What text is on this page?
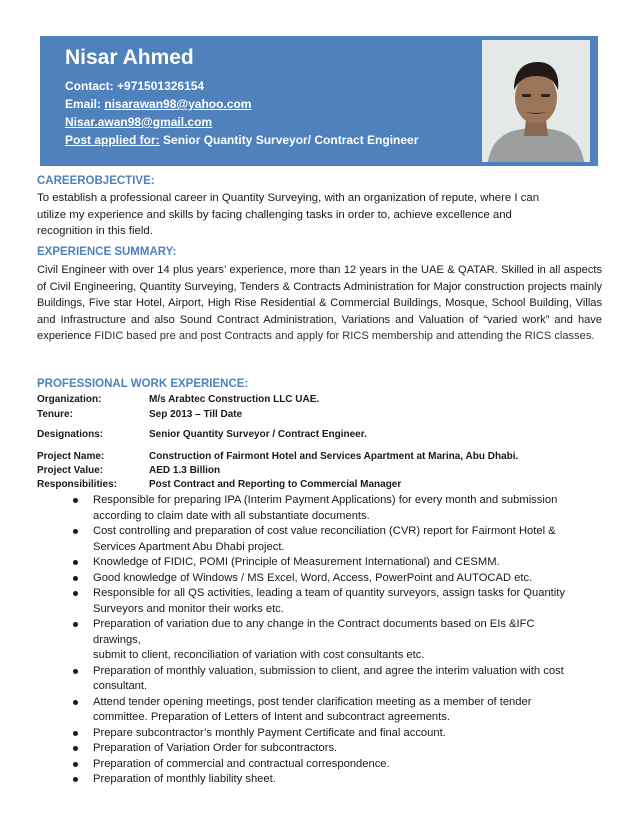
Nisar Ahmed
Contact: +971501326154
Email: nisarawan98@yahoo.com
Nisar.awan98@gmail.com
Post applied for: Senior Quantity Surveyor/ Contract Engineer
CAREEROBJECTIVE:
To establish a professional career in Quantity Surveying, with an organization of repute, where I can
utilize my experience and skills by facing challenging tasks in order to, achieve excellence and
recognition in this field.
EXPERIENCE SUMMARY:
Civil Engineer with over 14 plus years’ experience, more than 12 years in the UAE & QATAR. Skilled in all aspects of Civil Engineering, Quantity Surveying, Tenders & Contracts Administration for Major construction projects mainly Buildings, Five star Hotel, Airport, High Rise Residential & Commercial Buildings, Mosque, School Building, Villas and Infrastructure and also Sound Contract Administration, Variations and Valuation of “varied work” and have experience FIDIC based pre and post Contracts and apply for RICS membership and attending the RICS classes.
PROFESSIONAL WORK EXPERIENCE:
Organization:	M/s Arabtec Construction LLC UAE.
Tenure:	Sep 2013 – Till Date
Designations:	Senior Quantity Surveyor / Contract Engineer.
Project Name:	Construction of Fairmont Hotel and Services Apartment at Marina, Abu Dhabi.
Project Value:	AED 1.3 Billion
Responsibilities:	Post Contract and Reporting to Commercial Manager
Responsible for preparing IPA (Interim Payment Applications) for every month and submission
according to claim date with all substantiate documents.
Cost controlling and preparation of cost value reconciliation (CVR) report for Fairmont Hotel &
Services Apartment Abu Dhabi project.
Knowledge of FIDIC, POMI (Principle of Measurement International) and CESMM.
Good knowledge of Windows / MS Excel, Word, Access, PowerPoint and AUTOCAD etc.
Responsible for all QS activities, leading a team of quantity surveyors, assign tasks for Quantity
Surveyors and monitor their works etc.
Preparation of variation due to any change in the Contract documents based on EIs &IFC drawings,
submit to client, reconciliation of variation with cost consultants etc.
Preparation of monthly valuation, submission to client, and agree the interim valuation with cost
consultant.
Attend tender opening meetings, post tender clarification meeting as a member of tender
committee. Preparation of Letters of Intent and subcontract agreements.
Prepare subcontractor’s monthly Payment Certificate and final account.
Preparation of Variation Order for subcontractors.
Preparation of commercial and contractual correspondence.
Preparation of monthly liability sheet.
